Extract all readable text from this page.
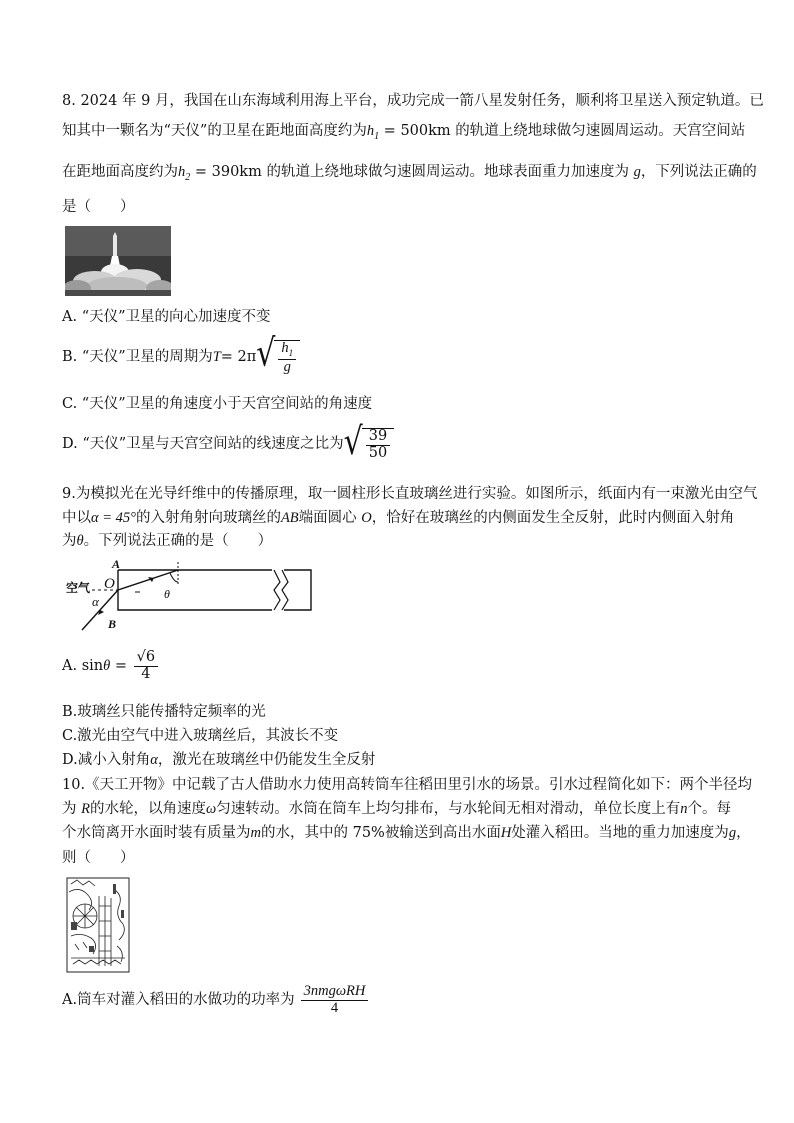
8. 2024 年 9 月，我国在山东海域利用海上平台，成功完成一箭八星发射任务，顺利将卫星送入预定轨道。已
知其中一颗名为“天仪”的卫星在距地面高度约为$h_1 = 500km$ 的轨道上绕地球做匀速圆周运动。天宫空间站
在距地面高度约为$h_2 = 390km$ 的轨道上绕地球做匀速圆周运动。地球表面重力加速度为 g，下列说法正确的
是（　　）
A. “天仪”卫星的向心加速度不变
B. “天仪”卫星的周期为 T = 2π √ $\frac{h_1}{g}$
C. “天仪”卫星的角速度小于天宫空间站的角速度
D. “天仪”卫星与天宫空间站的线速度之比为 √ $\frac{39}{50}$
9.为模拟光在光导纤维中的传播原理，取一圆柱形长直玻璃丝进行实验。如图所示，纸面内有一束激光由空气
中以α = 45°的入射角射向玻璃丝的AB端面圆心 O，恰好在玻璃丝的内侧面发生全反射，此时内侧面入射角
为θ。下列说法正确的是（　　）
空气
A
O
α
B
θ
A. $\sin \theta = \frac{√6}{4}$
B.玻璃丝只能传播特定频率的光
C.激光由空气中进入玻璃丝后，其波长不变
D.减小入射角α，激光在玻璃丝中仍能发生全反射
10.《天工开物》中记载了古人借助水力使用高转筒车往稻田里引水的场景。引水过程简化如下：两个半径均
为 R的水轮，以角速度ω匀速转动。水筒在筒车上均匀排布，与水轮间无相对滑动，单位长度上有n个。每
个水筒离开水面时装有质量为m的水，其中的 75%被输送到高出水面H处灌入稻田。当地的重力加速度为g，
则（　　）
A.筒车对灌入稻田的水做功的功率为 $\frac{\text{3nmgωRH}}{4}$
